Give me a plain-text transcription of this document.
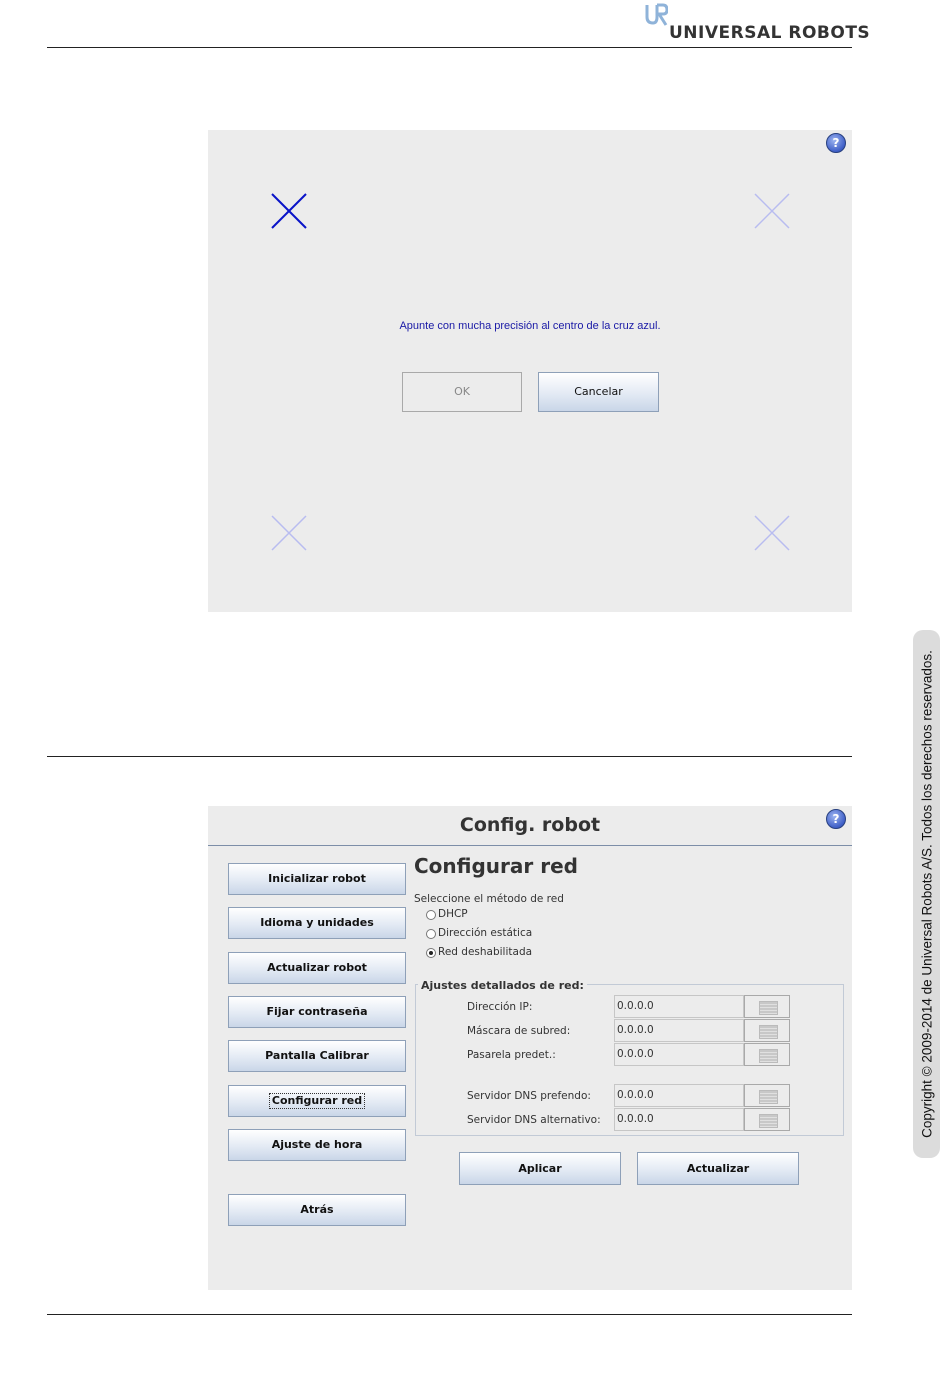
UNIVERSAL ROBOTS
?
Apunte con mucha precisión al centro de la cruz azul.
OK	Cancelar
Config. robot	?
Inicializar robot
Idioma y unidades
Actualizar robot
Fijar contraseña
Pantalla Calibrar
Configurar red
Ajuste de hora
Atrás
Configurar red
Seleccione el método de red
DHCP
Dirección estática
Red deshabilitada
Ajustes detallados de red:
Dirección IP:	0.0.0.0
Máscara de subred:	0.0.0.0
Pasarela predet.:	0.0.0.0
Servidor DNS prefendo: 0.0.0.0
Servidor DNS alternativo: 0.0.0.0
Aplicar	Actualizar
Copyright © 2009-2014 de Universal Robots A/S. Todos los derechos reservados.
